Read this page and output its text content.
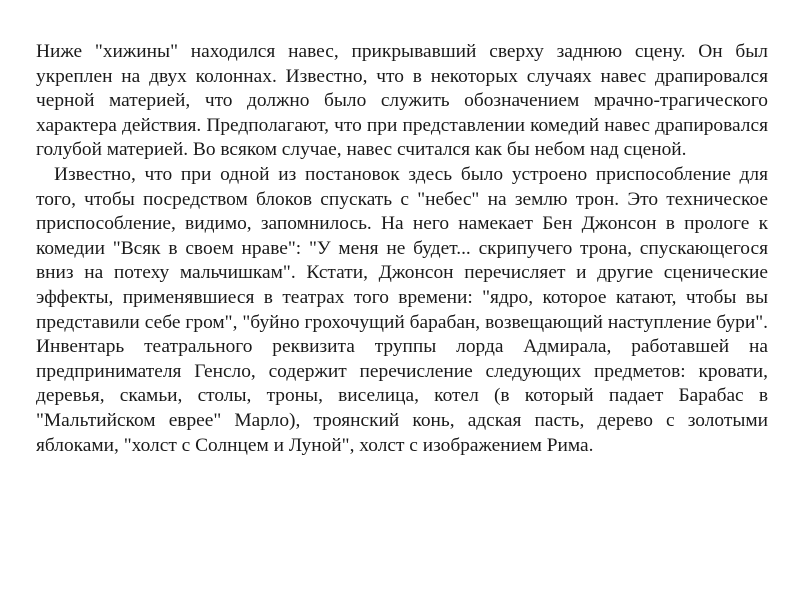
Ниже "хижины" находился навес, прикрывавший сверху заднюю сцену. Он был укреплен на двух колоннах. Известно, что в некоторых случаях навес драпировался черной материей, что должно было служить обозначением мрачно-трагического характера действия. Предполагают, что при представлении комедий навес драпировался голубой материей. Во всяком случае, навес считался как бы небом над сценой.

Известно, что при одной из постановок здесь было устроено приспособление для того, чтобы посредством блоков спускать с "небес" на землю трон. Это техническое приспособление, видимо, запомнилось. На него намекает Бен Джонсон в прологе к комедии "Всяк в своем нраве": "У меня не будет... скрипучего трона, спускающегося вниз на потеху мальчишкам". Кстати, Джонсон перечисляет и другие сценические эффекты, применявшиеся в театрах того времени: "ядро, которое катают, чтобы вы представили себе гром", "буйно грохочущий барабан, возвещающий наступление бури". Инвентарь театрального реквизита труппы лорда Адмирала, работавшей на предпринимателя Генсло, содержит перечисление следующих предметов: кровати, деревья, скамьи, столы, троны, виселица, котел (в который падает Барабас в "Мальтийском еврее" Марло), троянский конь, адская пасть, дерево с золотыми яблоками, "холст с Солнцем и Луной", холст с изображением Рима.
